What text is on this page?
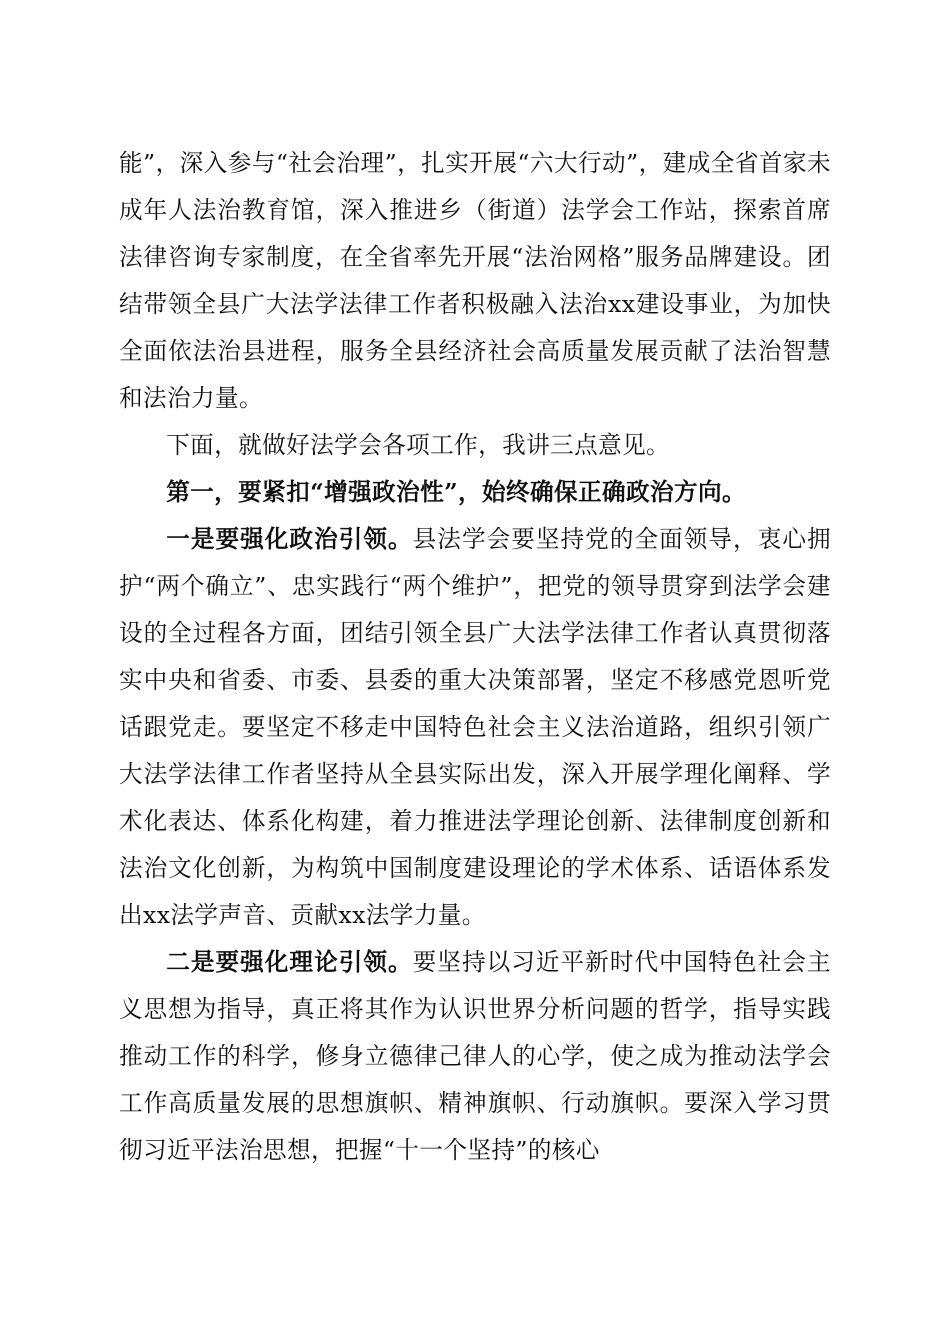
能”，深入参与“社会治理”，扎实开展“六大行动”，建成全省首家未成年人法治教育馆，深入推进乡（街道）法学会工作站，探索首席法律咨询专家制度，在全省率先开展“法治网格”服务品牌建设。团结带领全县广大法学法律工作者积极融入法治xx建设事业，为加快全面依法治县进程，服务全县经济社会高质量发展贡献了法治智慧和法治力量。

下面，就做好法学会各项工作，我讲三点意见。

第一，要紧扣“增强政治性”，始终确保正确政治方向。

一是要强化政治引领。县法学会要坚持党的全面领导，衷心拥护“两个确立”、忠实践行“两个维护”，把党的领导贯穿到法学会建设的全过程各方面，团结引领全县广大法学法律工作者认真贯彻落实中央和省委、市委、县委的重大决策部署，坚定不移感党恩听党话跟党走。要坚定不移走中国特色社会主义法治道路，组织引领广大法学法律工作者坚持从全县实际出发，深入开展学理化阐释、学术化表达、体系化构建，着力推进法学理论创新、法律制度创新和法治文化创新，为构筑中国制度建设理论的学术体系、话语体系发出xx法学声音、贡献xx法学力量。

二是要强化理论引领。要坚持以习近平新时代中国特色社会主义思想为指导，真正将其作为认识世界分析问题的哲学，指导实践推动工作的科学，修身立德律己律人的心学，使之成为推动法学会工作高质量发展的思想旗帜、精神旗帜、行动旗帜。要深入学习贯彻习近平法治思想，把握“十一个坚持”的核心
